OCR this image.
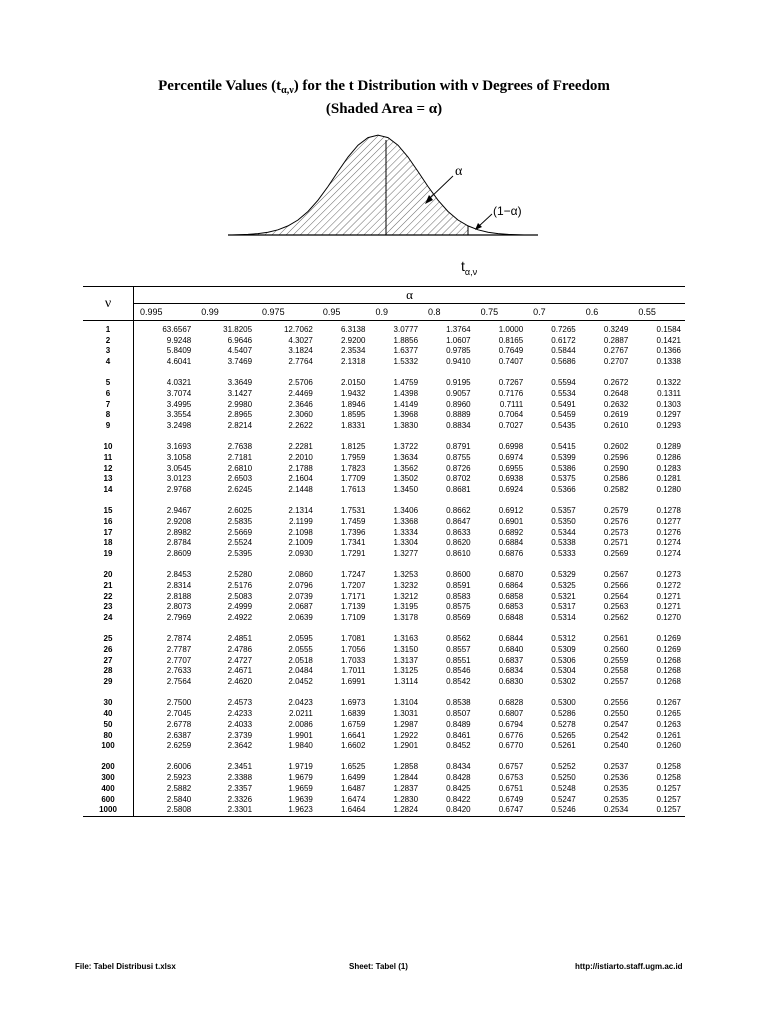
Percentile Values $(t_{\alpha,\nu})$ for the t Distribution with ν Degrees of Freedom
(Shaded Area = α)
α
(1−α)
$t_{\alpha,\nu}$
ν	α									
	0.995	0.99	0.975	0.95	0.9	0.8	0.75	0.7	0.6	0.55

1	63.6567	31.8205	12.7062	6.3138	3.0777	1.3764	1.0000	0.7265	0.3249	0.1584
2	9.9248	6.9646	4.3027	2.9200	1.8856	1.0607	0.8165	0.6172	0.2887	0.1421
3	5.8409	4.5407	3.1824	2.3534	1.6377	0.9785	0.7649	0.5844	0.2767	0.1366
4	4.6041	3.7469	2.7764	2.1318	1.5332	0.9410	0.7407	0.5686	0.2707	0.1338

5	4.0321	3.3649	2.5706	2.0150	1.4759	0.9195	0.7267	0.5594	0.2672	0.1322
6	3.7074	3.1427	2.4469	1.9432	1.4398	0.9057	0.7176	0.5534	0.2648	0.1311
7	3.4995	2.9980	2.3646	1.8946	1.4149	0.8960	0.7111	0.5491	0.2632	0.1303
8	3.3554	2.8965	2.3060	1.8595	1.3968	0.8889	0.7064	0.5459	0.2619	0.1297
9	3.2498	2.8214	2.2622	1.8331	1.3830	0.8834	0.7027	0.5435	0.2610	0.1293

10	3.1693	2.7638	2.2281	1.8125	1.3722	0.8791	0.6998	0.5415	0.2602	0.1289
11	3.1058	2.7181	2.2010	1.7959	1.3634	0.8755	0.6974	0.5399	0.2596	0.1286
12	3.0545	2.6810	2.1788	1.7823	1.3562	0.8726	0.6955	0.5386	0.2590	0.1283
13	3.0123	2.6503	2.1604	1.7709	1.3502	0.8702	0.6938	0.5375	0.2586	0.1281
14	2.9768	2.6245	2.1448	1.7613	1.3450	0.8681	0.6924	0.5366	0.2582	0.1280

15	2.9467	2.6025	2.1314	1.7531	1.3406	0.8662	0.6912	0.5357	0.2579	0.1278
16	2.9208	2.5835	2.1199	1.7459	1.3368	0.8647	0.6901	0.5350	0.2576	0.1277
17	2.8982	2.5669	2.1098	1.7396	1.3334	0.8633	0.6892	0.5344	0.2573	0.1276
18	2.8784	2.5524	2.1009	1.7341	1.3304	0.8620	0.6884	0.5338	0.2571	0.1274
19	2.8609	2.5395	2.0930	1.7291	1.3277	0.8610	0.6876	0.5333	0.2569	0.1274

20	2.8453	2.5280	2.0860	1.7247	1.3253	0.8600	0.6870	0.5329	0.2567	0.1273
21	2.8314	2.5176	2.0796	1.7207	1.3232	0.8591	0.6864	0.5325	0.2566	0.1272
22	2.8188	2.5083	2.0739	1.7171	1.3212	0.8583	0.6858	0.5321	0.2564	0.1271
23	2.8073	2.4999	2.0687	1.7139	1.3195	0.8575	0.6853	0.5317	0.2563	0.1271
24	2.7969	2.4922	2.0639	1.7109	1.3178	0.8569	0.6848	0.5314	0.2562	0.1270

25	2.7874	2.4851	2.0595	1.7081	1.3163	0.8562	0.6844	0.5312	0.2561	0.1269
26	2.7787	2.4786	2.0555	1.7056	1.3150	0.8557	0.6840	0.5309	0.2560	0.1269
27	2.7707	2.4727	2.0518	1.7033	1.3137	0.8551	0.6837	0.5306	0.2559	0.1268
28	2.7633	2.4671	2.0484	1.7011	1.3125	0.8546	0.6834	0.5304	0.2558	0.1268
29	2.7564	2.4620	2.0452	1.6991	1.3114	0.8542	0.6830	0.5302	0.2557	0.1268

30	2.7500	2.4573	2.0423	1.6973	1.3104	0.8538	0.6828	0.5300	0.2556	0.1267
40	2.7045	2.4233	2.0211	1.6839	1.3031	0.8507	0.6807	0.5286	0.2550	0.1265
50	2.6778	2.4033	2.0086	1.6759	1.2987	0.8489	0.6794	0.5278	0.2547	0.1263
80	2.6387	2.3739	1.9901	1.6641	1.2922	0.8461	0.6776	0.5265	0.2542	0.1261
100	2.6259	2.3642	1.9840	1.6602	1.2901	0.8452	0.6770	0.5261	0.2540	0.1260

200	2.6006	2.3451	1.9719	1.6525	1.2858	0.8434	0.6757	0.5252	0.2537	0.1258
300	2.5923	2.3388	1.9679	1.6499	1.2844	0.8428	0.6753	0.5250	0.2536	0.1258
400	2.5882	2.3357	1.9659	1.6487	1.2837	0.8425	0.6751	0.5248	0.2535	0.1257
600	2.5840	2.3326	1.9639	1.6474	1.2830	0.8422	0.6749	0.5247	0.2535	0.1257
1000	2.5808	2.3301	1.9623	1.6464	1.2824	0.8420	0.6747	0.5246	0.2534	0.1257
File: Tabel Distribusi t.xlsx	Sheet: Tabel (1)	http://istiarto.staff.ugm.ac.id
